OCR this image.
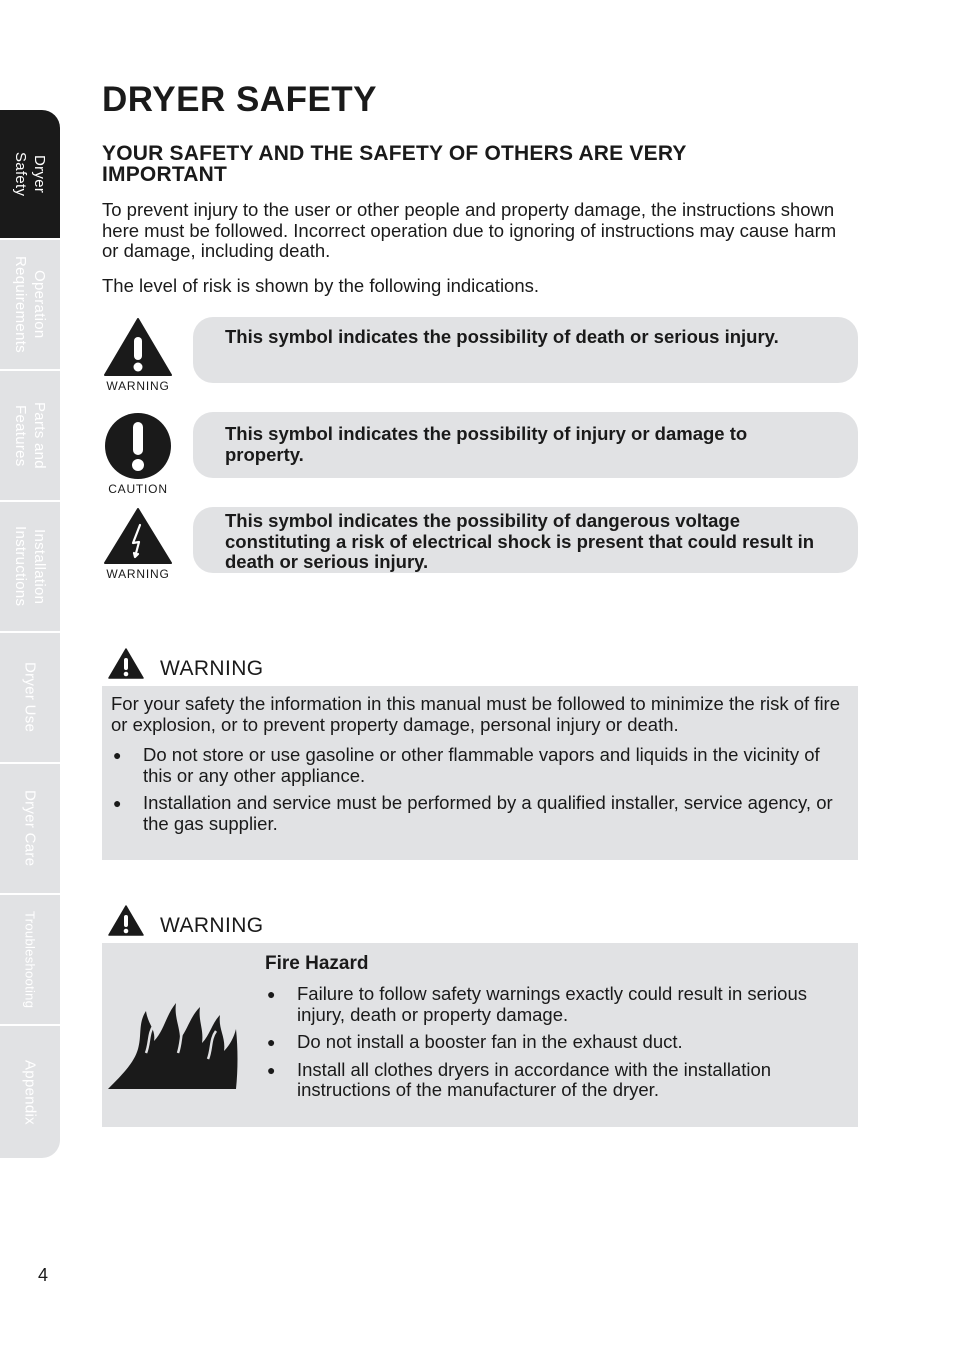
Dryer
Safety
Operation
Requirements
Parts and
Features
Installation
Instructions
Dryer Use
Dryer Care
Troubleshooting
Appendix
DRYER SAFETY
YOUR SAFETY AND THE SAFETY OF OTHERS ARE VERY IMPORTANT

To prevent injury to the user or other people and property damage, the instructions shown here must be followed. Incorrect operation due to ignoring of instructions may cause harm or damage, including death.

The level of risk is shown by the following indications.

WARNING
This symbol indicates the possibility of death or serious injury.
CAUTION
This symbol indicates the possibility of injury or damage to property.
WARNING
This symbol indicates the possibility of dangerous voltage constituting a risk of electrical shock is present that could result in death or serious injury.
WARNING

For your safety the information in this manual must be followed to minimize the risk of fire or explosion, or to prevent property damage, personal injury or death.

● Do not store or use gasoline or other flammable vapors and liquids in the vicinity of this or any other appliance.
● Installation and service must be performed by a qualified installer, service agency, or the gas supplier.
WARNING
Fire Hazard
● Failure to follow safety warnings exactly could result in serious injury, death or property damage.
● Do not install a booster fan in the exhaust duct.
● Install all clothes dryers in accordance with the installation instructions of the manufacturer of the dryer.
4
